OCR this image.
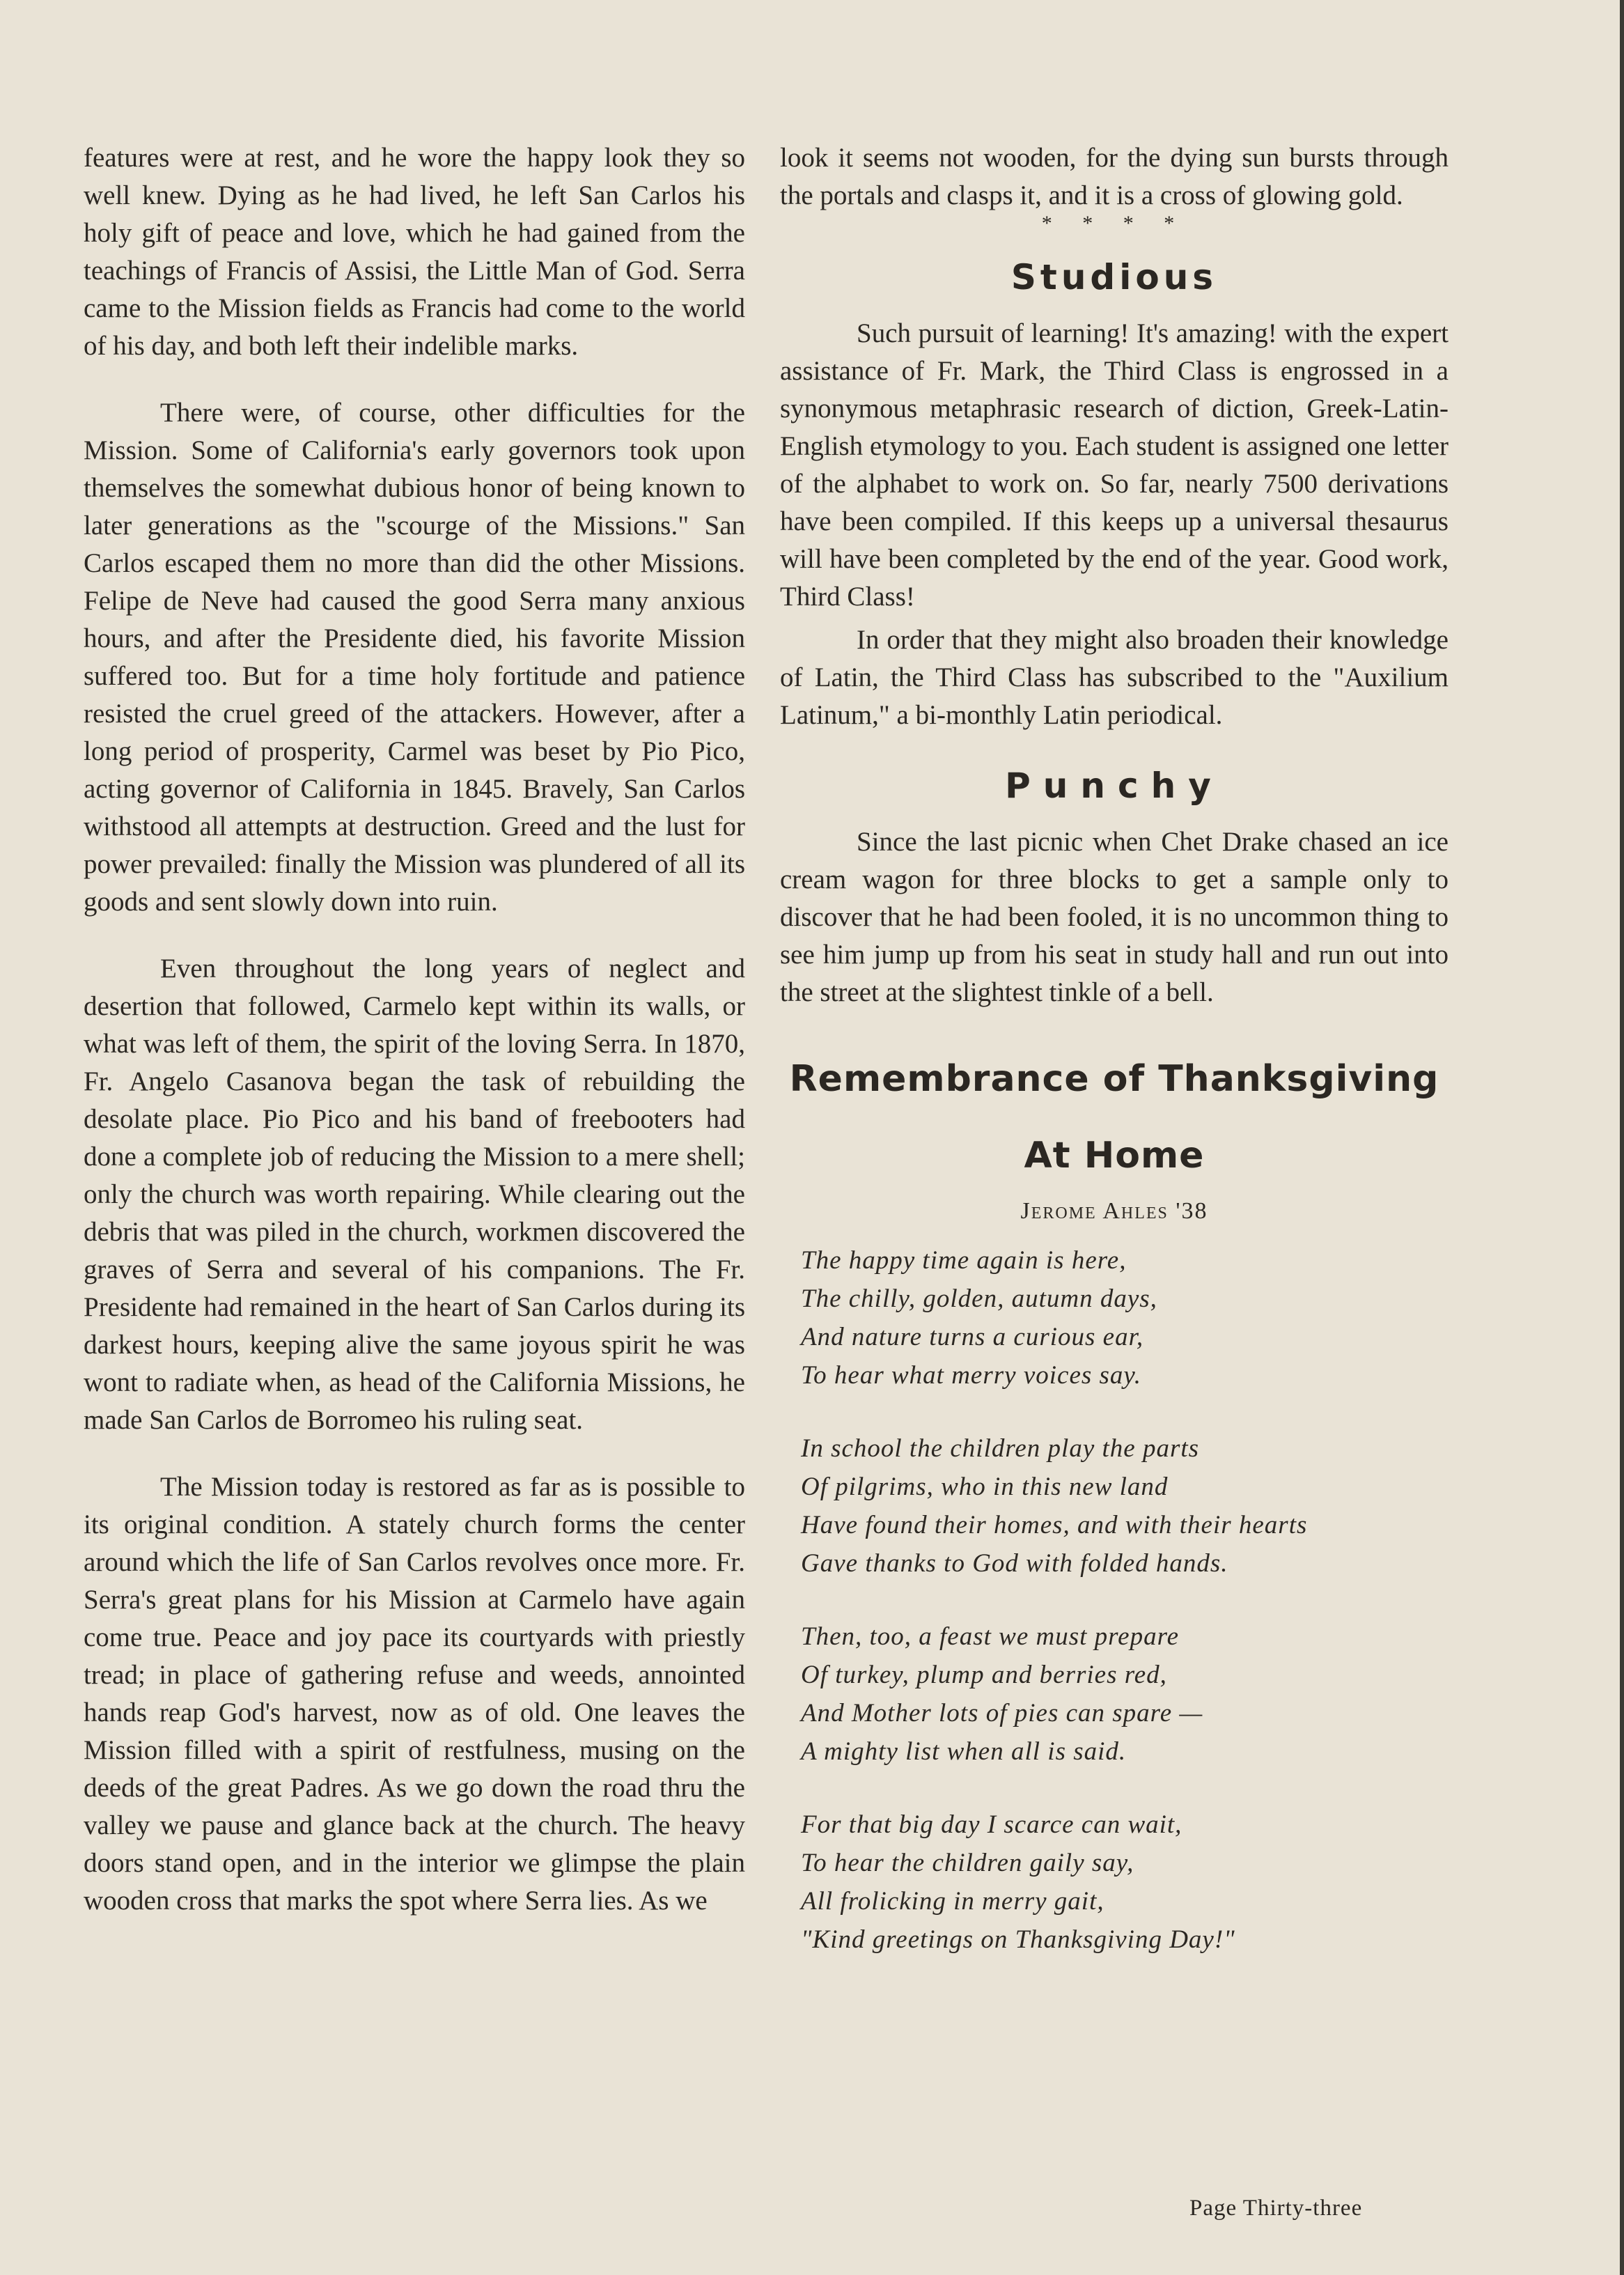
features were at rest, and he wore the happy look they so well knew. Dying as he had lived, he left San Carlos his holy gift of peace and love, which he had gained from the teachings of Francis of Assisi, the Little Man of God. Serra came to the Mission fields as Francis had come to the world of his day, and both left their indelible marks.

There were, of course, other difficulties for the Mission. Some of California's early governors took upon themselves the somewhat dubious honor of being known to later generations as the "scourge of the Missions." San Carlos escaped them no more than did the other Missions. Felipe de Neve had caused the good Serra many anxious hours, and after the Presidente died, his favorite Mission suffered too. But for a time holy fortitude and patience resisted the cruel greed of the attackers. However, after a long period of prosperity, Carmel was beset by Pio Pico, acting governor of California in 1845. Bravely, San Carlos withstood all attempts at destruction. Greed and the lust for power prevailed: finally the Mission was plundered of all its goods and sent slowly down into ruin.

Even throughout the long years of neglect and desertion that followed, Carmelo kept within its walls, or what was left of them, the spirit of the loving Serra. In 1870, Fr. Angelo Casanova began the task of rebuilding the desolate place. Pio Pico and his band of freebooters had done a complete job of reducing the Mission to a mere shell; only the church was worth repairing. While clearing out the debris that was piled in the church, workmen discovered the graves of Serra and several of his companions. The Fr. Presidente had remained in the heart of San Carlos during its darkest hours, keeping alive the same joyous spirit he was wont to radiate when, as head of the California Missions, he made San Carlos de Borromeo his ruling seat.

The Mission today is restored as far as is possible to its original condition. A stately church forms the center around which the life of San Carlos revolves once more. Fr. Serra's great plans for his Mission at Carmelo have again come true. Peace and joy pace its courtyards with priestly tread; in place of gathering refuse and weeds, annointed hands reap God's harvest, now as of old. One leaves the Mission filled with a spirit of restfulness, musing on the deeds of the great Padres. As we go down the road thru the valley we pause and glance back at the church. The heavy doors stand open, and in the interior we glimpse the plain wooden cross that marks the spot where Serra lies. As we

look it seems not wooden, for the dying sun bursts through the portals and clasps it, and it is a cross of glowing gold.

* * * *
Studious

Such pursuit of learning! It's amazing! with the expert assistance of Fr. Mark, the Third Class is engrossed in a synonymous metaphrasic research of diction, Greek-Latin-English etymology to you. Each student is assigned one letter of the alphabet to work on. So far, nearly 7500 derivations have been compiled. If this keeps up a universal thesaurus will have been completed by the end of the year. Good work, Third Class!

In order that they might also broaden their knowledge of Latin, the Third Class has subscribed to the "Auxilium Latinum," a bi-monthly Latin periodical.

Punchy

Since the last picnic when Chet Drake chased an ice cream wagon for three blocks to get a sample only to discover that he had been fooled, it is no uncommon thing to see him jump up from his seat in study hall and run out into the street at the slightest tinkle of a bell.

Remembrance of Thanksgiving
At Home
Jerome Ahles '38
The happy time again is here,
The chilly, golden, autumn days,
And nature turns a curious ear,
To hear what merry voices say.
In school the children play the parts
Of pilgrims, who in this new land
Have found their homes, and with their hearts
Gave thanks to God with folded hands.
Then, too, a feast we must prepare
Of turkey, plump and berries red,
And Mother lots of pies can spare —
A mighty list when all is said.
For that big day I scarce can wait,
To hear the children gaily say,
All frolicking in merry gait,
"Kind greetings on Thanksgiving Day!"
Page Thirty-three
